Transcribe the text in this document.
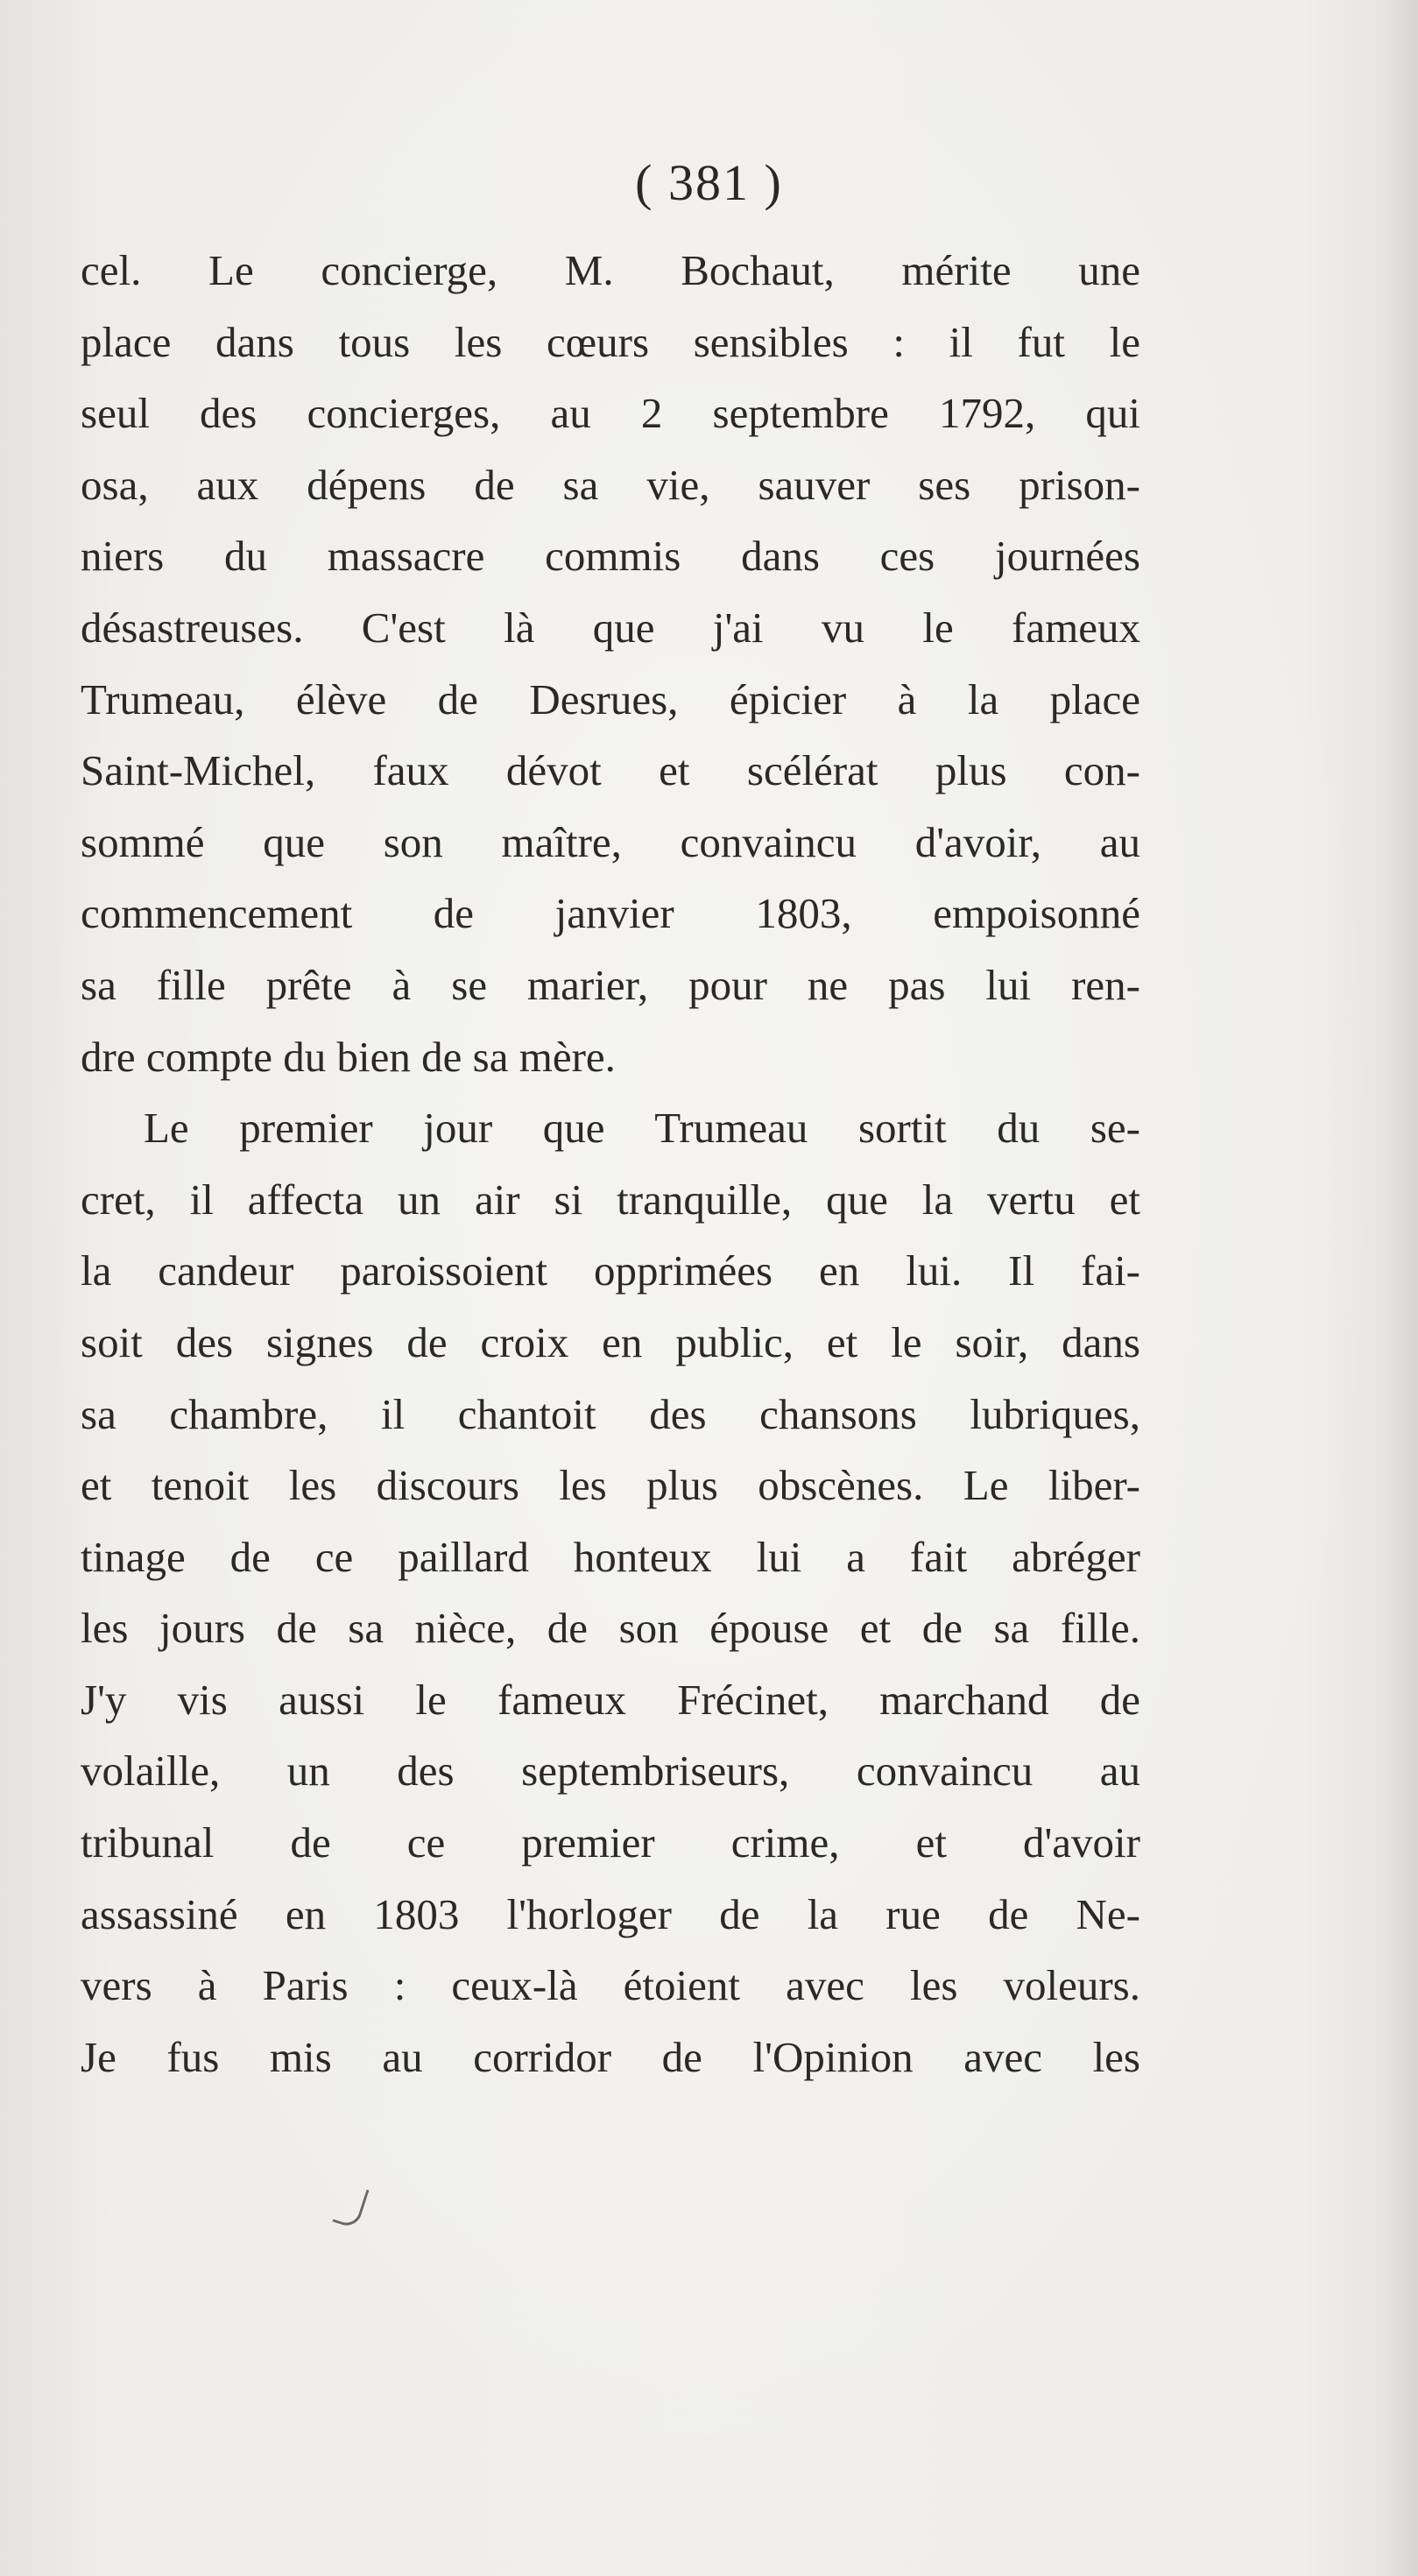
( 381 )
cel. Le concierge, M. Bochaut, mérite une
place dans tous les cœurs sensibles : il fut le
seul des concierges, au 2 septembre 1792, qui
osa, aux dépens de sa vie, sauver ses prison-
niers du massacre commis dans ces journées
désastreuses. C'est là que j'ai vu le fameux
Trumeau, élève de Desrues, épicier à la place
Saint-Michel, faux dévot et scélérat plus con-
sommé que son maître, convaincu d'avoir, au
commencement de janvier 1803, empoisonné
sa fille prête à se marier, pour ne pas lui ren-
dre compte du bien de sa mère.
Le premier jour que Trumeau sortit du se-
cret, il affecta un air si tranquille, que la vertu et
la candeur paroissoient opprimées en lui. Il fai-
soit des signes de croix en public, et le soir, dans
sa chambre, il chantoit des chansons lubriques,
et tenoit les discours les plus obscènes. Le liber-
tinage de ce paillard honteux lui a fait abréger
les jours de sa nièce, de son épouse et de sa fille.
J'y vis aussi le fameux Frécinet, marchand de
volaille, un des septembriseurs, convaincu au
tribunal de ce premier crime, et d'avoir
assassiné en 1803 l'horloger de la rue de Ne-
vers à Paris : ceux-là étoient avec les voleurs.
Je fus mis au corridor de l'Opinion avec les
